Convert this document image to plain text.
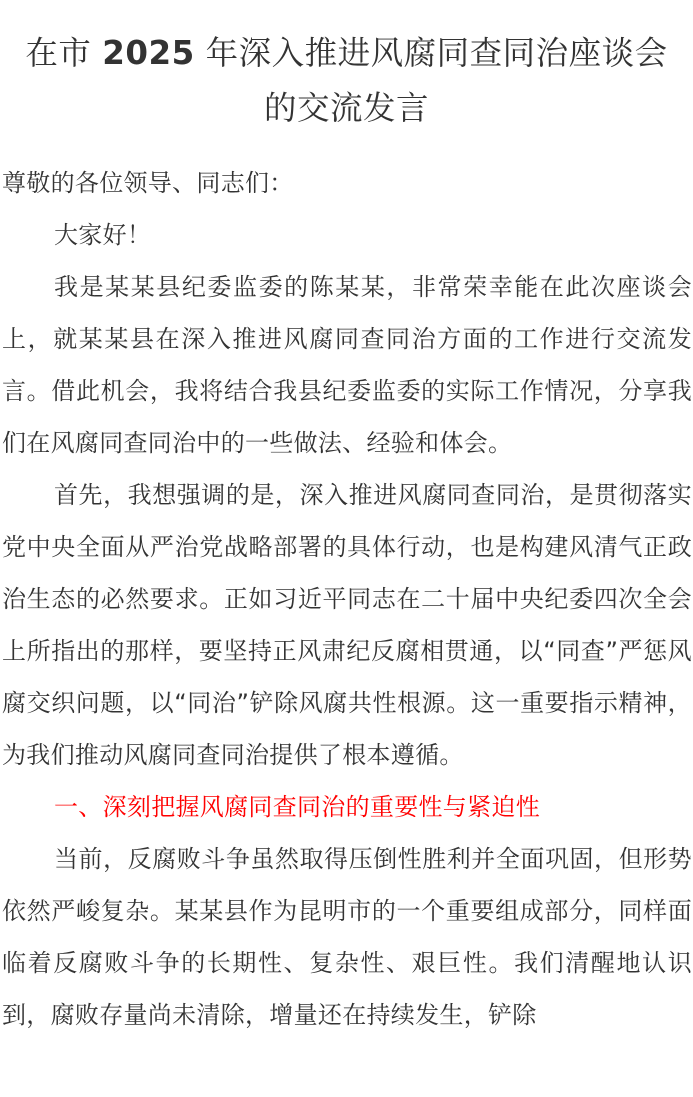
在市 2025 年深入推进风腐同查同治座谈会
的交流发言

尊敬的各位领导、同志们：

大家好！

我是某某县纪委监委的陈某某，非常荣幸能在此次座谈会上，就某某县在深入推进风腐同查同治方面的工作进行交流发言。借此机会，我将结合我县纪委监委的实际工作情况，分享我们在风腐同查同治中的一些做法、经验和体会。

首先，我想强调的是，深入推进风腐同查同治，是贯彻落实党中央全面从严治党战略部署的具体行动，也是构建风清气正政治生态的必然要求。正如习近平同志在二十届中央纪委四次全会上所指出的那样，要坚持正风肃纪反腐相贯通，以“同查”严惩风腐交织问题，以“同治”铲除风腐共性根源。这一重要指示精神，为我们推动风腐同查同治提供了根本遵循。

一、深刻把握风腐同查同治的重要性与紧迫性

当前，反腐败斗争虽然取得压倒性胜利并全面巩固，但形势依然严峻复杂。某某县作为昆明市的一个重要组成部分，同样面临着反腐败斗争的长期性、复杂性、艰巨性。我们清醒地认识到，腐败存量尚未清除，增量还在持续发生，铲除
